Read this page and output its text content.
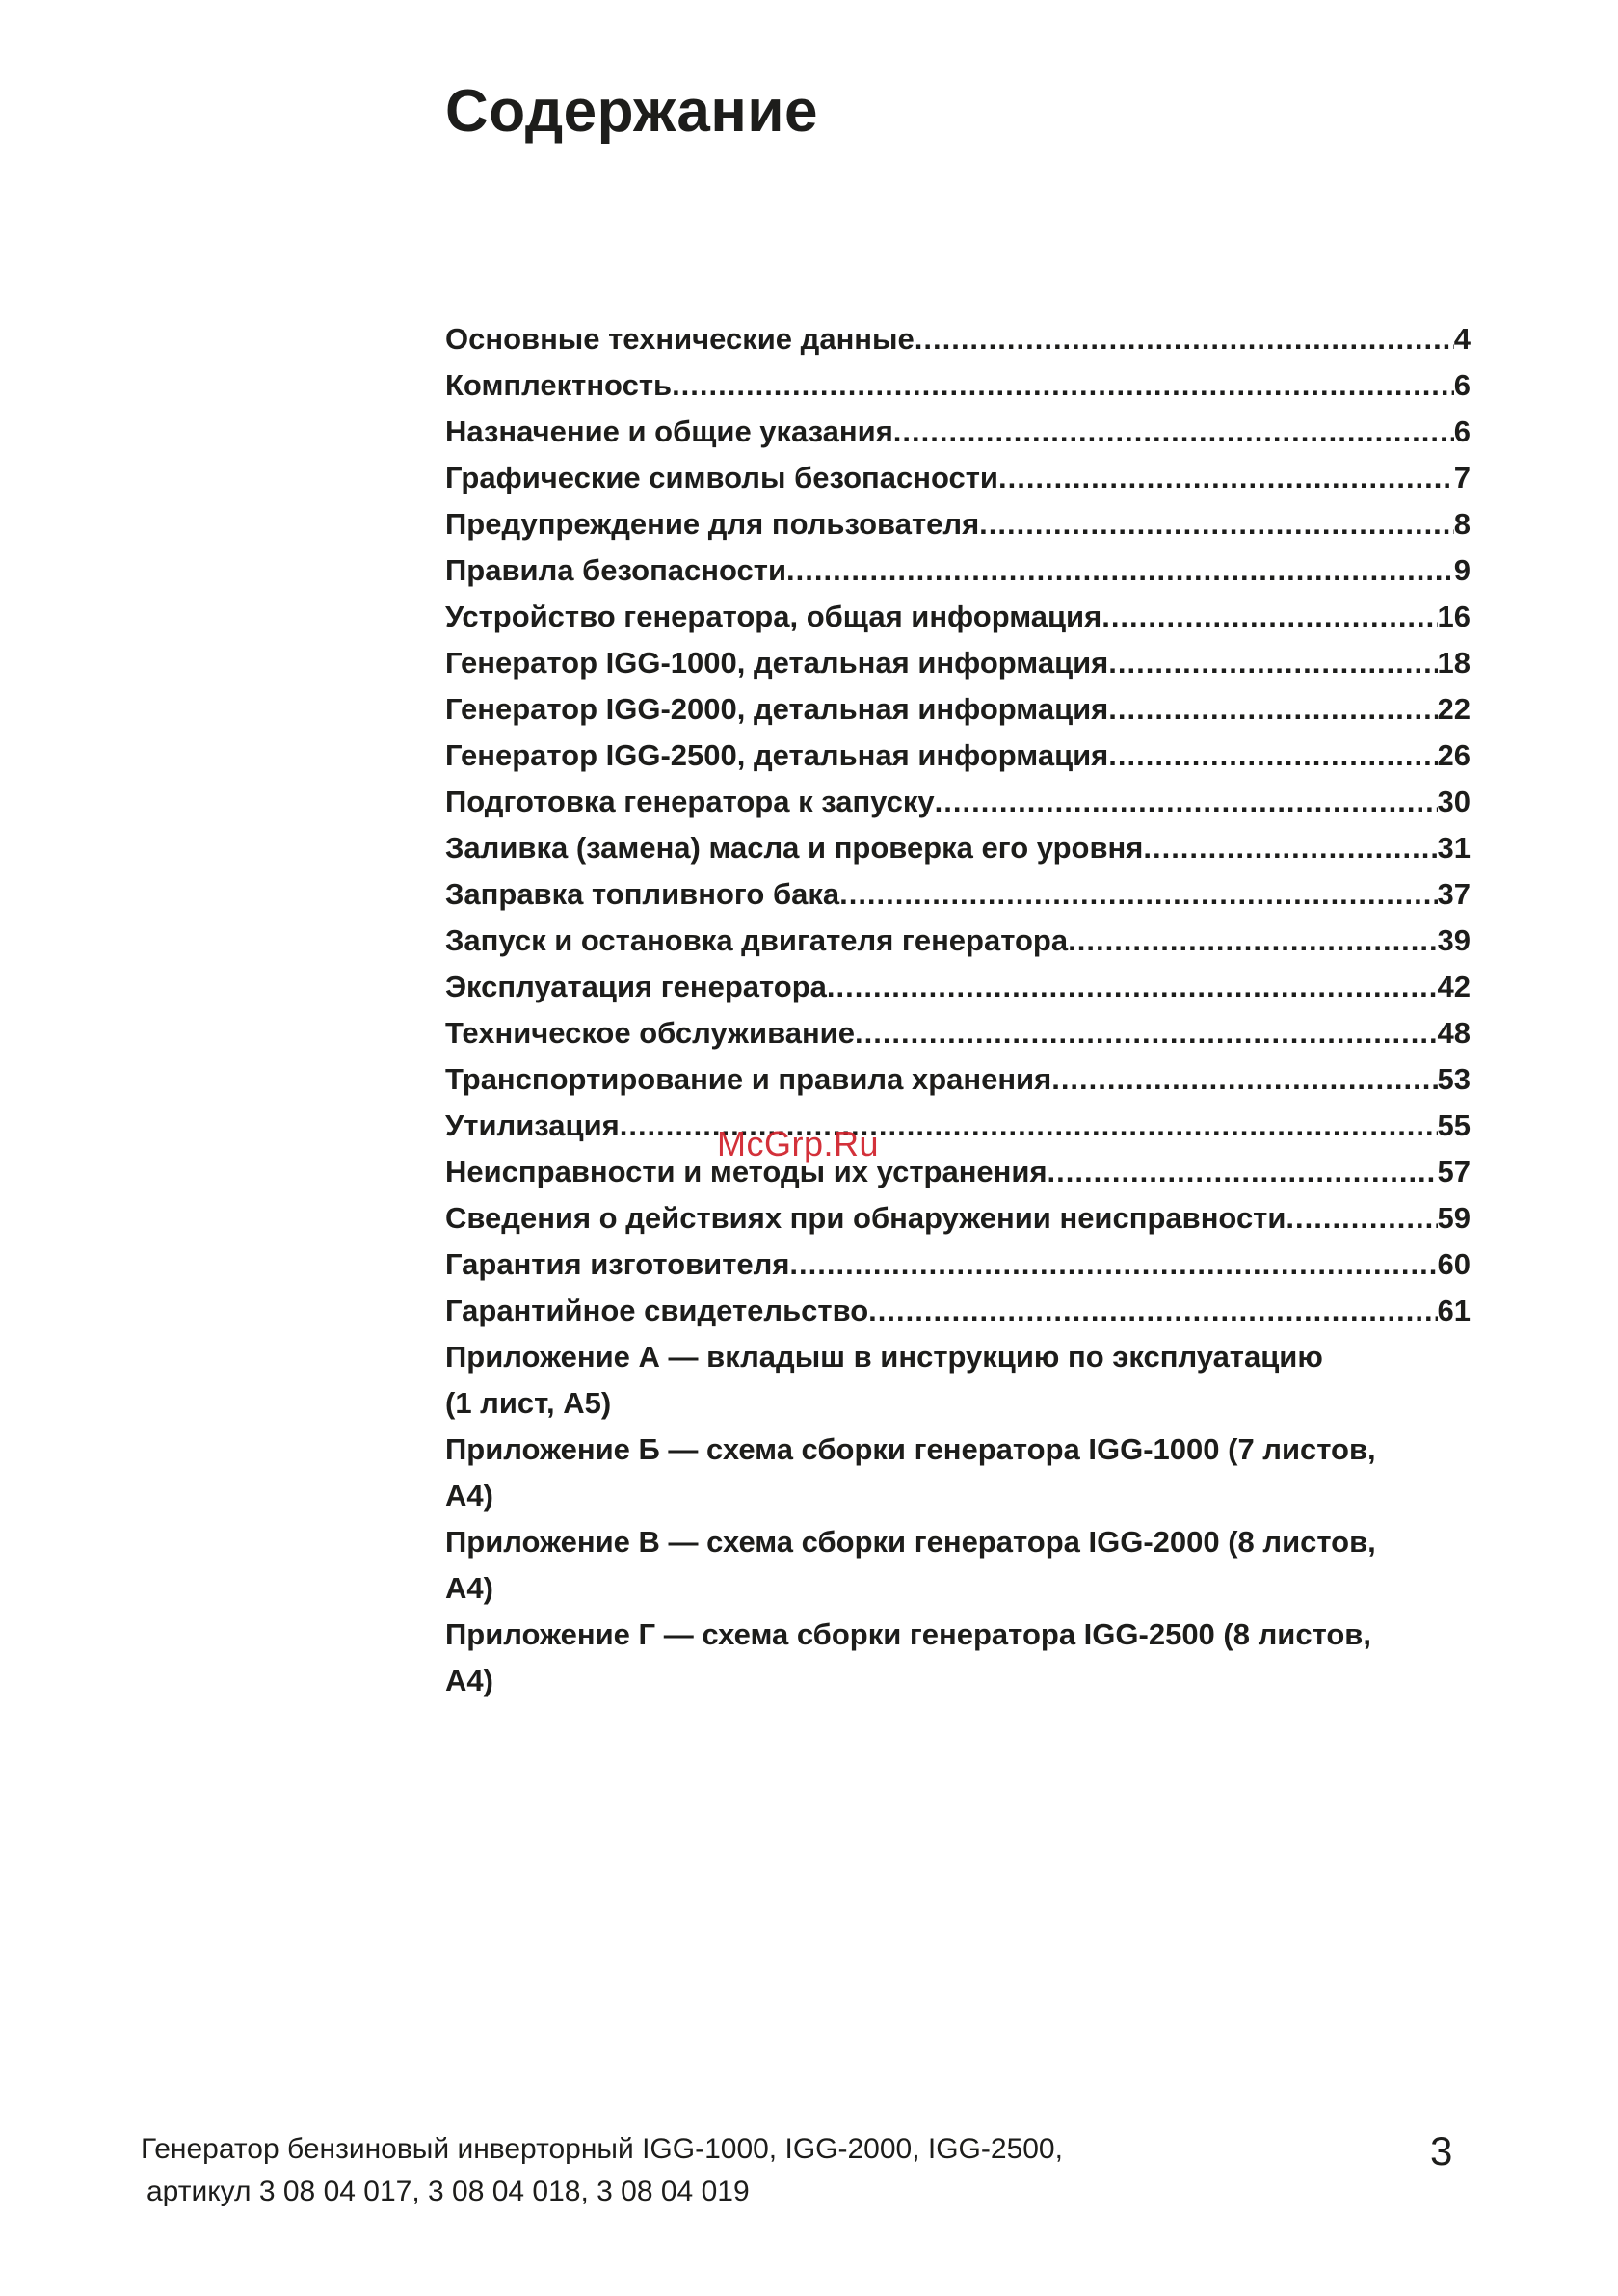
Содержание
Основные технические данные .....	4
Комплектность .....	6
Назначение и общие указания .....	6
Графические символы безопасности .....	7
Предупреждение для пользователя .....	8
Правила безопасности .....	9
Устройство генератора, общая информация .....	16
Генератор IGG-1000, детальная информация .....	18
Генератор IGG-2000, детальная информация .....	22
Генератор IGG-2500, детальная информация .....	26
Подготовка генератора к запуску .....	30
Заливка (замена) масла и проверка его уровня .....	31
Заправка топливного бака .....	37
Запуск и остановка двигателя генератора .....	39
Эксплуатация генератора .....	42
Техническое обслуживание .....	48
Транспортирование и правила хранения .....	53
Утилизация .....	55
Неисправности и методы их устранения .....	57
Сведения о действиях при обнаружении неисправности .....	59
Гарантия изготовителя .....	60
Гарантийное свидетельство .....	61
Приложение А — вкладыш в инструкцию по эксплуатацию
(1 лист, А5)
Приложение Б — схема сборки генератора IGG-1000 (7 листов,
А4)
Приложение В — схема сборки генератора IGG-2000 (8 листов,
А4)
Приложение Г — схема сборки генератора IGG-2500 (8 листов,
А4)
McGrp.Ru
Генератор бензиновый инверторный IGG-1000, IGG-2000, IGG-2500,
артикул 3 08 04 017, 3 08 04 018, 3 08 04 019
3
